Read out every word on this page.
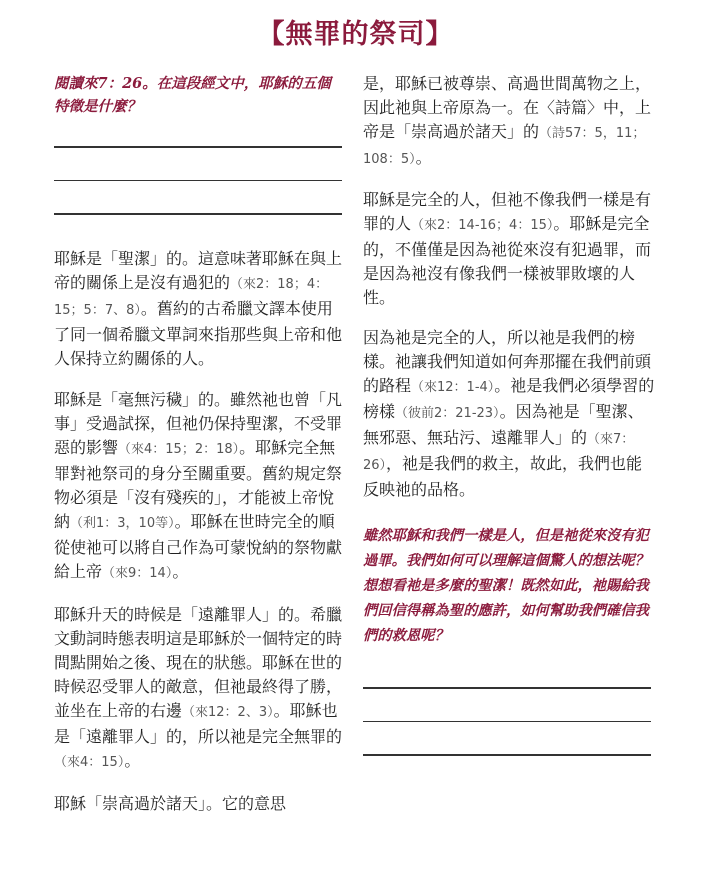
【無罪的祭司】

閱讀來7：26。在這段經文中，耶穌的五個特徵是什麼？

耶穌是「聖潔」的。這意味著耶穌在與上帝的關係上是沒有過犯的（來2：18；4：15；5：7、8）。舊約的古希臘文譯本使用了同一個希臘文單詞來指那些與上帝和他人保持立約關係的人。

耶穌是「毫無污穢」的。雖然祂也曾「凡事」受過試探，但祂仍保持聖潔，不受罪惡的影響（來4：15；2：18）。耶穌完全無罪對祂祭司的身分至關重要。舊約規定祭物必須是「沒有殘疾的」，才能被上帝悅納（利1：3，10等）。耶穌在世時完全的順從使祂可以將自己作為可蒙悅納的祭物獻給上帝（來9：14）。

耶穌升天的時候是「遠離罪人」的。希臘文動詞時態表明這是耶穌於一個特定的時間點開始之後、現在的狀態。耶穌在世的時候忍受罪人的敵意，但祂最終得了勝，並坐在上帝的右邊（來12：2、3）。耶穌也是「遠離罪人」的，所以祂是完全無罪的（來4：15）。

耶穌「崇高過於諸天」。它的意思

是，耶穌已被尊崇、高過世間萬物之上，因此祂與上帝原為一。在〈詩篇〉中，上帝是「崇高過於諸天」的（詩57：5，11；108：5）。

耶穌是完全的人，但祂不像我們一樣是有罪的人（來2：14-16；4：15）。耶穌是完全的，不僅僅是因為祂從來沒有犯過罪，而是因為祂沒有像我們一樣被罪敗壞的人性。

因為祂是完全的人，所以祂是我們的榜樣。祂讓我們知道如何奔那擺在我們前頭的路程（來12：1-4）。祂是我們必須學習的榜樣（彼前2：21-23）。因為祂是「聖潔、無邪惡、無玷污、遠離罪人」的（來7：26），祂是我們的救主，故此，我們也能反映祂的品格。

雖然耶穌和我們一樣是人，但是祂從來沒有犯過罪。我們如何可以理解這個驚人的想法呢？想想看祂是多麼的聖潔！既然如此，祂賜給我們回信得稱為聖的應許，如何幫助我們確信我們的救恩呢？
